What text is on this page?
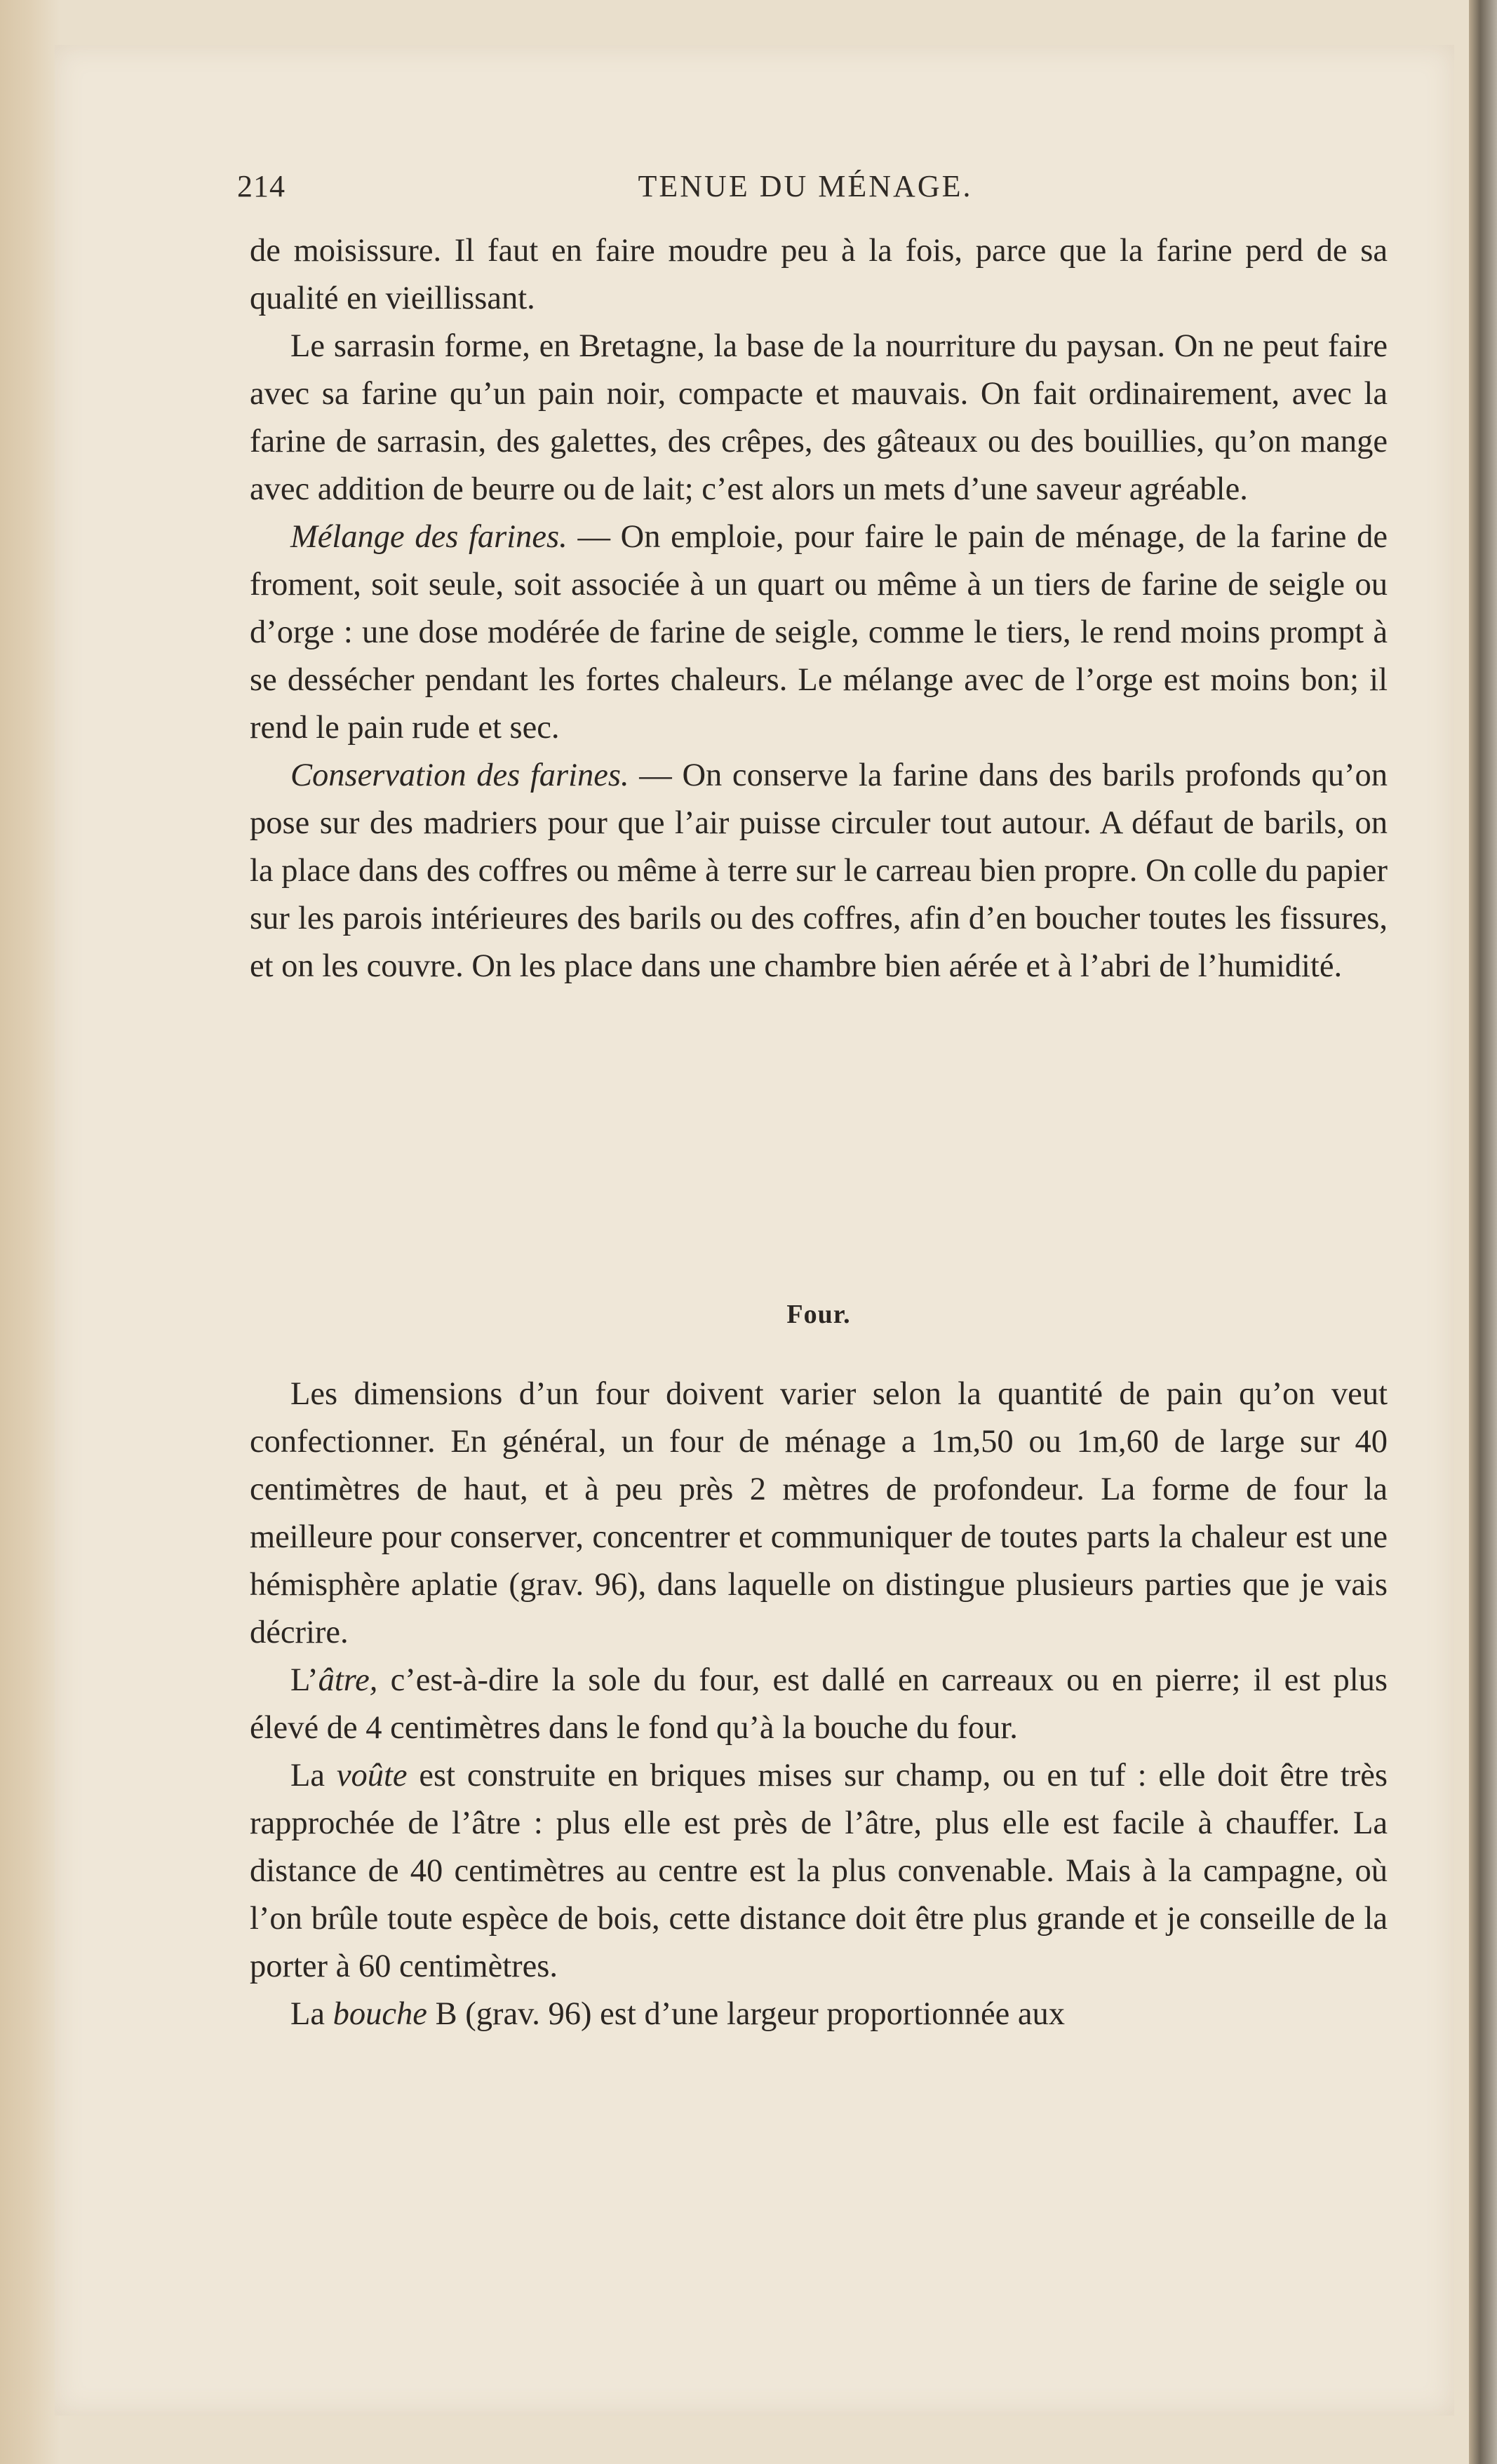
214	TENUE DU MÉNAGE.

de moisissure. Il faut en faire moudre peu à la fois, parce que la farine perd de sa qualité en vieillissant.

Le sarrasin forme, en Bretagne, la base de la nourriture du paysan. On ne peut faire avec sa farine qu’un pain noir, compacte et mauvais. On fait ordinairement, avec la farine de sarrasin, des galettes, des crêpes, des gâteaux ou des bouillies, qu’on mange avec addition de beurre ou de lait; c’est alors un mets d’une saveur agréable.

Mélange des farines. — On emploie, pour faire le pain de ménage, de la farine de froment, soit seule, soit associée à un quart ou même à un tiers de farine de seigle ou d’orge : une dose modérée de farine de seigle, comme le tiers, le rend moins prompt à se dessécher pendant les fortes chaleurs. Le mélange avec de l’orge est moins bon; il rend le pain rude et sec.

Conservation des farines. — On conserve la farine dans des barils profonds qu’on pose sur des madriers pour que l’air puisse circuler tout autour. A défaut de barils, on la place dans des coffres ou même à terre sur le carreau bien propre. On colle du papier sur les parois intérieures des barils ou des coffres, afin d’en boucher toutes les fissures, et on les couvre. On les place dans une chambre bien aérée et à l’abri de l’humidité.

Four.

Les dimensions d’un four doivent varier selon la quantité de pain qu’on veut confectionner. En général, un four de ménage a 1m,50 ou 1m,60 de large sur 40 centimètres de haut, et à peu près 2 mètres de profondeur. La forme de four la meilleure pour conserver, concentrer et communiquer de toutes parts la chaleur est une hémisphère aplatie (grav. 96), dans laquelle on distingue plusieurs parties que je vais décrire.

L’âtre, c’est-à-dire la sole du four, est dallé en carreaux ou en pierre; il est plus élevé de 4 centimètres dans le fond qu’à la bouche du four.

La voûte est construite en briques mises sur champ, ou en tuf : elle doit être très rapprochée de l’âtre : plus elle est près de l’âtre, plus elle est facile à chauffer. La distance de 40 centimètres au centre est la plus convenable. Mais à la campagne, où l’on brûle toute espèce de bois, cette distance doit être plus grande et je conseille de la porter à 60 centimètres.

La bouche B (grav. 96) est d’une largeur proportionnée aux
